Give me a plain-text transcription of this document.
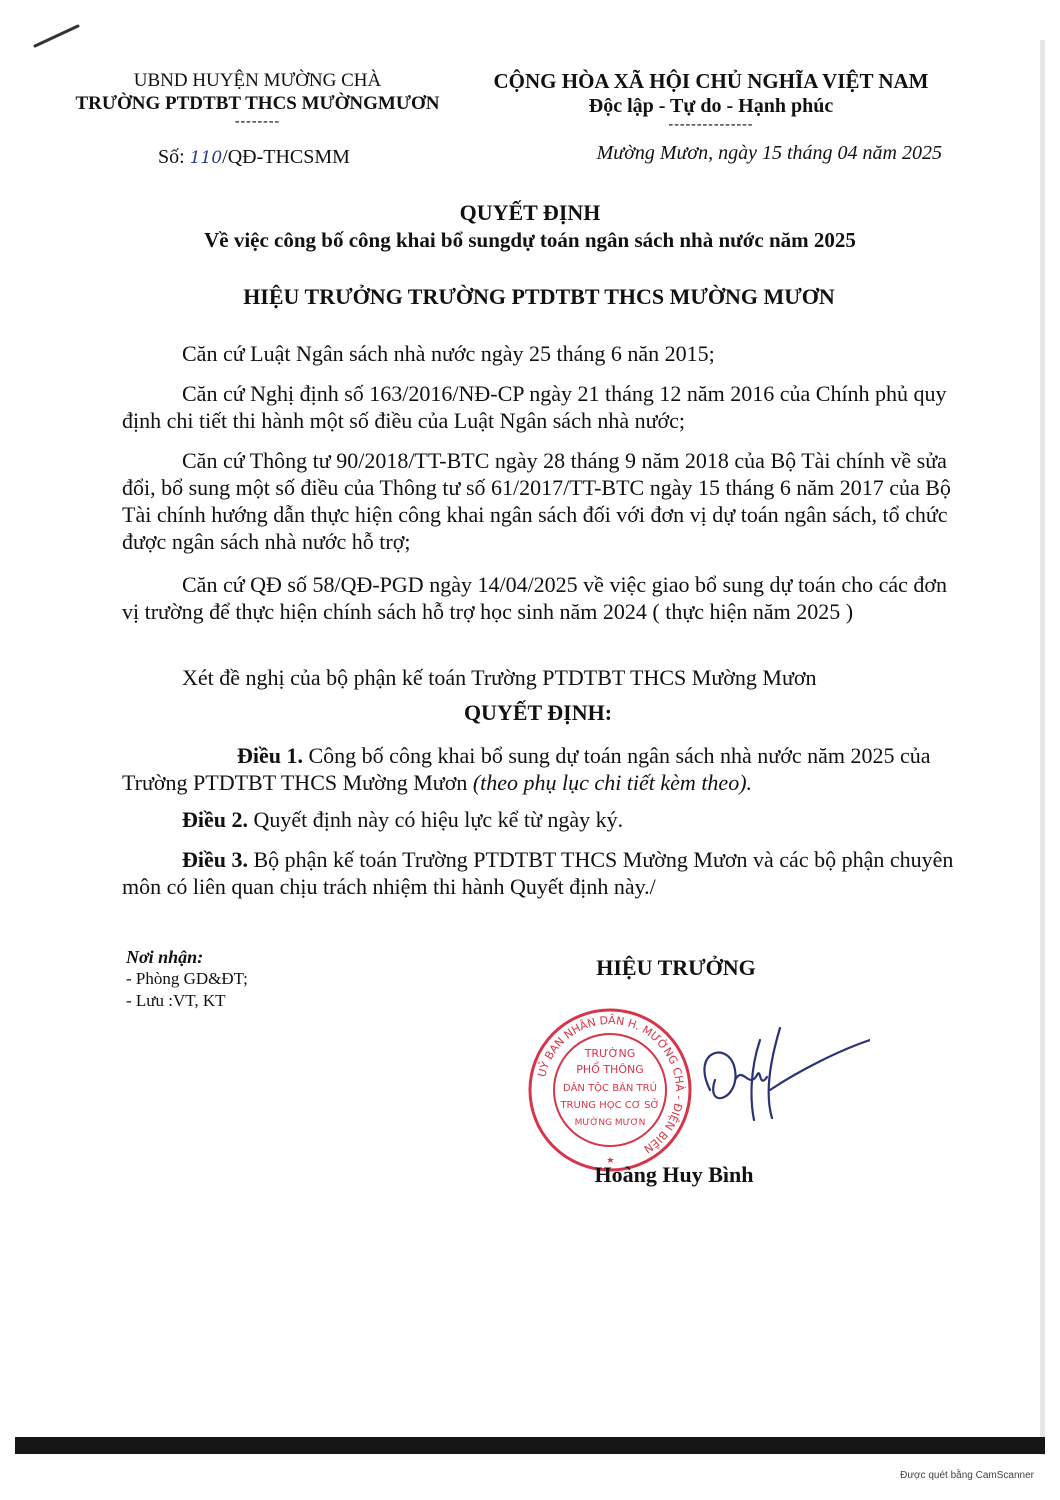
UBND HUYỆN MƯỜNG CHÀ
TRƯỜNG PTDTBT THCS MƯỜNGMƯƠN
--------
Số: 110/QĐ-THCSMM
CỘNG HÒA XÃ HỘI CHỦ NGHĨA VIỆT NAM
Độc lập - Tự do - Hạnh phúc
---------------
Mường Mươn, ngày 15 tháng 04 năm 2025
QUYẾT ĐỊNH
Về việc công bố công khai bổ sungdự toán ngân sách nhà nước năm 2025
HIỆU TRƯỞNG TRƯỜNG PTDTBT THCS MƯỜNG MƯƠN

Căn cứ Luật Ngân sách nhà nước ngày 25 tháng 6 năn 2015;

Căn cứ Nghị định số 163/2016/NĐ-CP ngày 21 tháng 12 năm 2016 của Chính phủ quy định chi tiết thi hành một số điều của Luật Ngân sách nhà nước;

Căn cứ Thông tư 90/2018/TT-BTC ngày 28 tháng 9 năm 2018 của Bộ Tài chính về sửa đổi, bổ sung một số điều của Thông tư số 61/2017/TT-BTC ngày 15 tháng 6 năm 2017 của Bộ Tài chính hướng dẫn thực hiện công khai ngân sách đối với đơn vị dự toán ngân sách, tổ chức được ngân sách nhà nước hỗ trợ;

Căn cứ QĐ số 58/QĐ-PGD ngày 14/04/2025 về việc giao bổ sung dự toán cho các đơn vị trường để thực hiện chính sách hỗ trợ học sinh năm 2024 ( thực hiện năm 2025 )

Xét đề nghị của bộ phận kế toán Trường PTDTBT THCS Mường Mươn

QUYẾT ĐỊNH:

Điều 1. Công bố công khai bổ sung dự toán ngân sách nhà nước năm 2025 của Trường PTDTBT THCS Mường Mươn (theo phụ lục chi tiết kèm theo).

Điều 2. Quyết định này có hiệu lực kể từ ngày ký.

Điều 3. Bộ phận kế toán Trường PTDTBT THCS Mường Mươn và các bộ phận chuyên môn có liên quan chịu trách nhiệm thi hành Quyết định này./

Nơi nhận:
- Phòng GD&ĐT;
- Lưu :VT, KT
HIỆU TRƯỞNG
UỶ BAN NHÂN DÂN H. MƯỜNG CHÀ - ĐIỆN BIÊN
TRƯỜNG
PHỔ THÔNG
DÂN TỘC BÁN TRÚ
TRUNG HỌC CƠ SỞ
MƯỜNG MƯƠN
Hoàng Huy Bình
Được quét bằng CamScanner
